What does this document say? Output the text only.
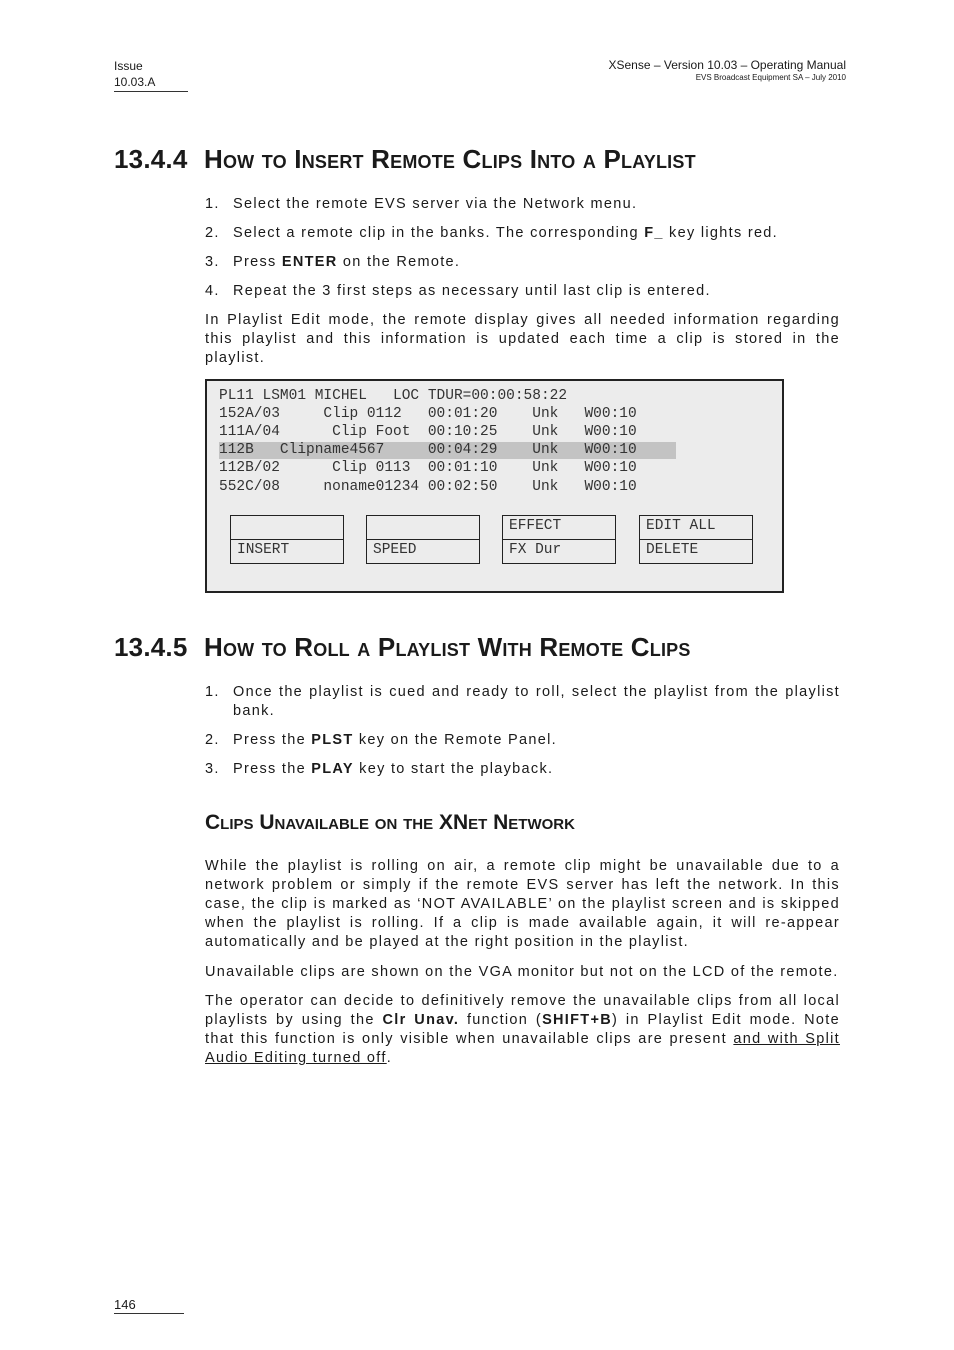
Issue
10.03.A
XSense – Version 10.03 – Operating Manual
EVS Broadcast Equipment SA – July 2010
13.4.4 How to Insert Remote Clips Into a Playlist
1. Select the remote EVS server via the Network menu.
2. Select a remote clip in the banks. The corresponding F_ key lights red.
3. Press ENTER on the Remote.
4. Repeat the 3 first steps as necessary until last clip is entered.
In Playlist Edit mode, the remote display gives all needed information regarding this playlist and this information is updated each time a clip is stored in the playlist.
PL11 LSM01 MICHEL   LOC TDUR=00:00:58:22
152A/03     Clip 0112   00:01:20    Unk   W00:10
111A/04      Clip Foot  00:10:25    Unk   W00:10
112B   Clipname4567     00:04:29    Unk   W00:10
112B/02      Clip 0113  00:01:10    Unk   W00:10
552C/08     noname01234 00:02:50    Unk   W00:10
INSERT	SPEED
EFFECT
FX Dur
EDIT ALL
DELETE
13.4.5 How to Roll a Playlist With Remote Clips
1. Once the playlist is cued and ready to roll, select the playlist from the playlist bank.
2. Press the PLST key on the Remote Panel.
3. Press the PLAY key to start the playback.
Clips Unavailable on the XNet Network
While the playlist is rolling on air, a remote clip might be unavailable due to a network problem or simply if the remote EVS server has left the network. In this case, the clip is marked as ‘NOT AVAILABLE’ on the playlist screen and is skipped when the playlist is rolling. If a clip is made available again, it will re-appear automatically and be played at the right position in the playlist.
Unavailable clips are shown on the VGA monitor but not on the LCD of the remote.
The operator can decide to definitively remove the unavailable clips from all local playlists by using the Clr Unav. function (SHIFT+B) in Playlist Edit mode. Note that this function is only visible when unavailable clips are present and with Split Audio Editing turned off.
146
